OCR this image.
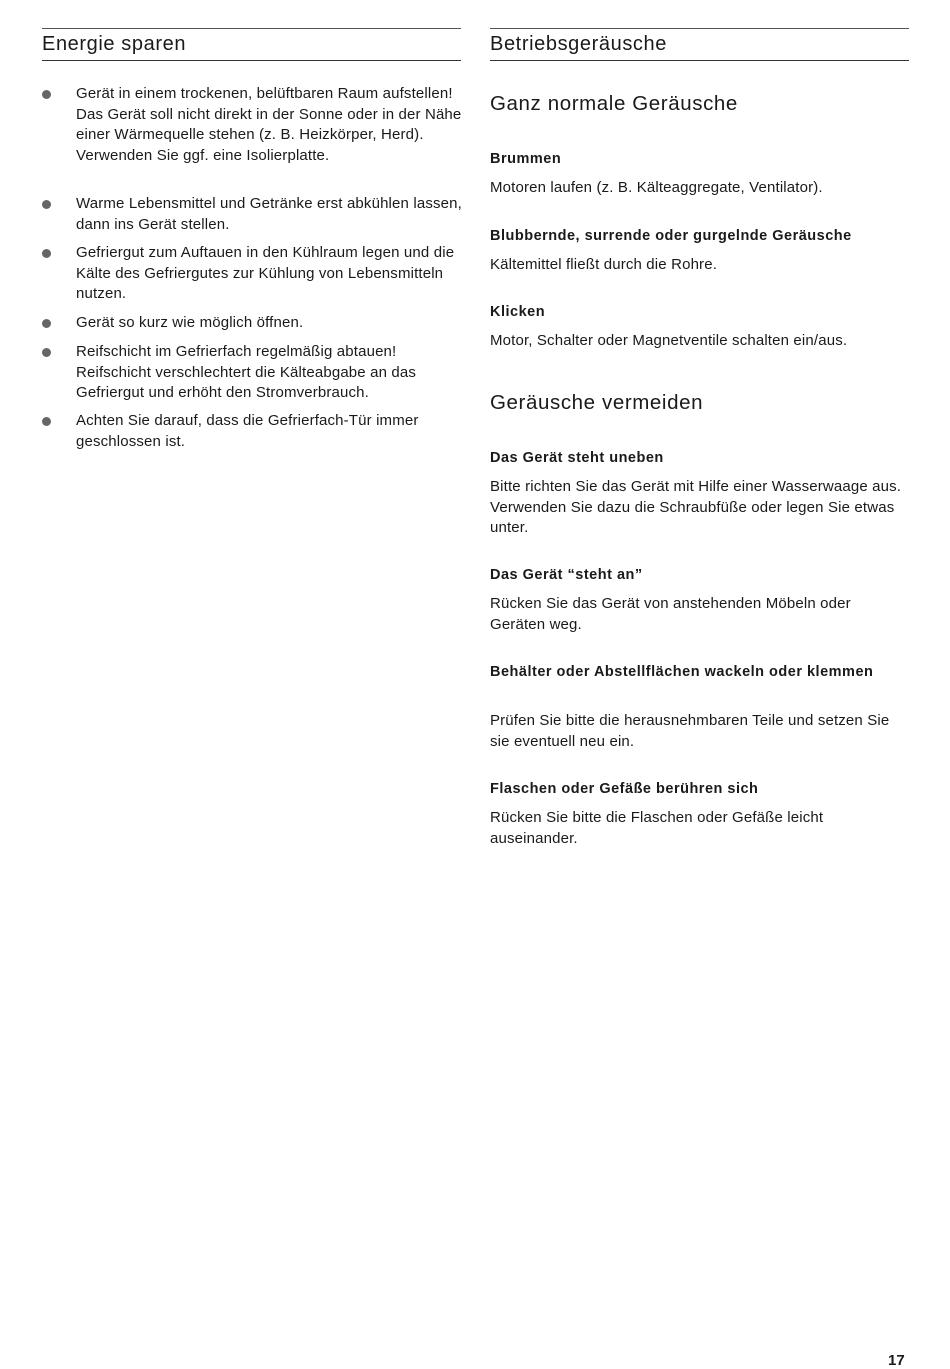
Energie sparen
Gerät in einem trockenen, belüftbaren Raum aufstellen! Das Gerät soll nicht direkt in der Sonne oder in der Nähe einer Wärmequelle stehen (z. B. Heizkörper, Herd).
Verwenden Sie ggf. eine Isolierplatte.
Warme Lebensmittel und Getränke erst abkühlen lassen, dann ins Gerät stellen.
Gefriergut zum Auftauen in den Kühlraum legen und die Kälte des Gefriergutes zur Kühlung von Lebensmitteln nutzen.
Gerät so kurz wie möglich öffnen.
Reifschicht im Gefrierfach regelmäßig abtauen! Reifschicht verschlechtert die Kälteabgabe an das Gefriergut und erhöht den Stromverbrauch.
Achten Sie darauf, dass die Gefrierfach-Tür immer geschlossen ist.
Betriebsgeräusche
Ganz normale Geräusche
Brummen
Motoren laufen (z. B. Kälteaggregate, Ventilator).
Blubbernde, surrende oder gurgelnde Geräusche
Kältemittel fließt durch die Rohre.
Klicken
Motor, Schalter oder Magnetventile schalten ein/aus.
Geräusche vermeiden
Das Gerät steht uneben
Bitte richten Sie das Gerät mit Hilfe einer Wasserwaage aus. Verwenden Sie dazu die Schraubfüße oder legen Sie etwas unter.
Das Gerät “steht an”
Rücken Sie das Gerät von anstehenden Möbeln oder Geräten weg.
Behälter oder Abstellflächen wackeln oder klemmen
Prüfen Sie bitte die herausnehmbaren Teile und setzen Sie sie eventuell neu ein.
Flaschen oder Gefäße berühren sich
Rücken Sie bitte die Flaschen oder Gefäße leicht auseinander.
17
